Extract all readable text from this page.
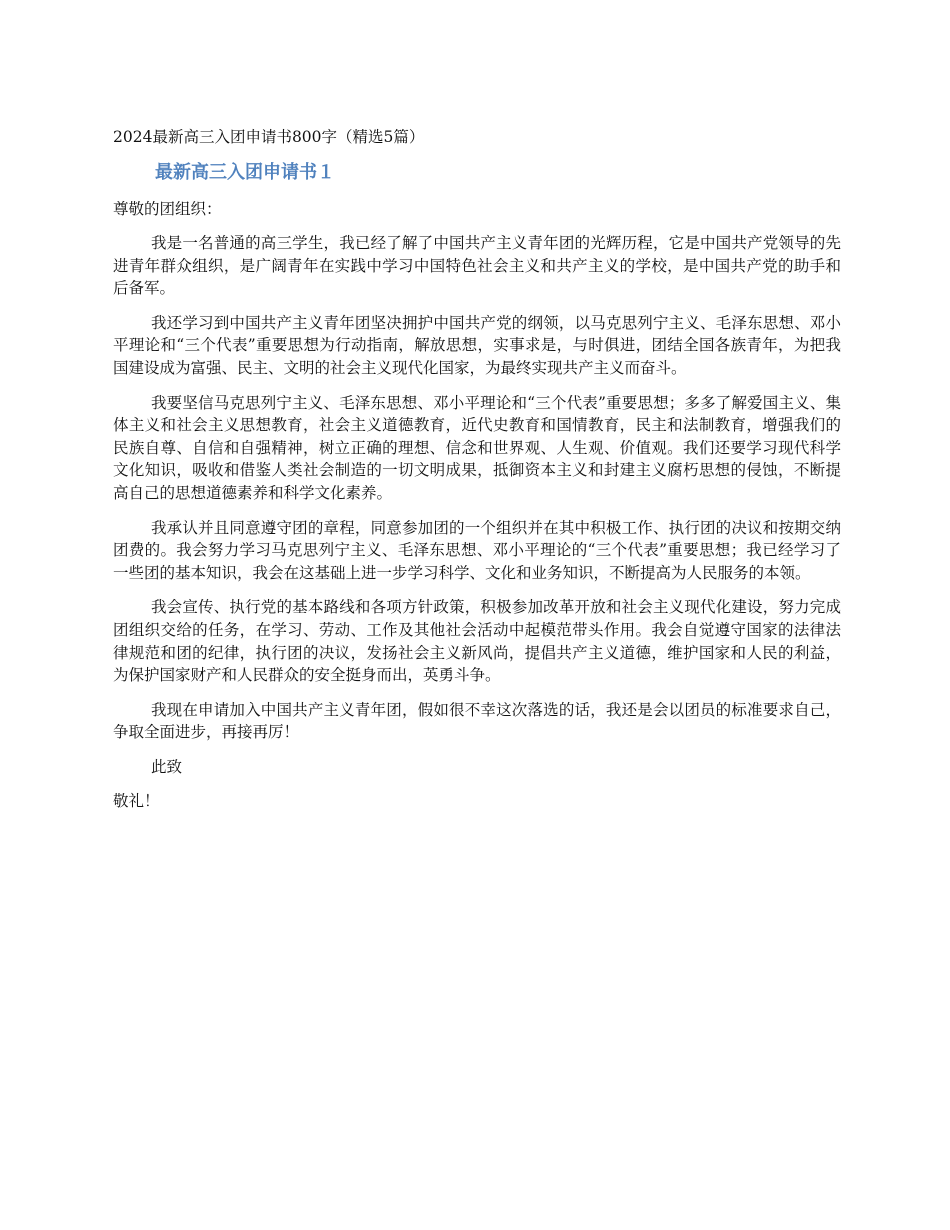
2024最新高三入团申请书800字（精选5篇）
最新高三入团申请书１
尊敬的团组织：

我是一名普通的高三学生，我已经了解了中国共产主义青年团的光辉历程，它是中国共产党领导的先进青年群众组织，是广阔青年在实践中学习中国特色社会主义和共产主义的学校，是中国共产党的助手和后备军。

我还学习到中国共产主义青年团坚决拥护中国共产党的纲领，以马克思列宁主义、毛泽东思想、邓小平理论和“三个代表”重要思想为行动指南，解放思想，实事求是，与时俱进，团结全国各族青年，为把我国建设成为富强、民主、文明的社会主义现代化国家，为最终实现共产主义而奋斗。

我要坚信马克思列宁主义、毛泽东思想、邓小平理论和“三个代表”重要思想；多多了解爱国主义、集体主义和社会主义思想教育，社会主义道德教育，近代史教育和国情教育，民主和法制教育，增强我们的民族自尊、自信和自强精神，树立正确的理想、信念和世界观、人生观、价值观。我们还要学习现代科学文化知识，吸收和借鉴人类社会制造的一切文明成果，抵御资本主义和封建主义腐朽思想的侵蚀，不断提高自己的思想道德素养和科学文化素养。

我承认并且同意遵守团的章程，同意参加团的一个组织并在其中积极工作、执行团的决议和按期交纳团费的。我会努力学习马克思列宁主义、毛泽东思想、邓小平理论的“三个代表”重要思想；我已经学习了一些团的基本知识，我会在这基础上进一步学习科学、文化和业务知识，不断提高为人民服务的本领。

我会宣传、执行党的基本路线和各项方针政策，积极参加改革开放和社会主义现代化建设，努力完成团组织交给的任务，在学习、劳动、工作及其他社会活动中起模范带头作用。我会自觉遵守国家的法律法律规范和团的纪律，执行团的决议，发扬社会主义新风尚，提倡共产主义道德，维护国家和人民的利益，为保护国家财产和人民群众的安全挺身而出，英勇斗争。

我现在申请加入中国共产主义青年团，假如很不幸这次落选的话，我还是会以团员的标准要求自己，争取全面进步，再接再厉！

此致
敬礼！
